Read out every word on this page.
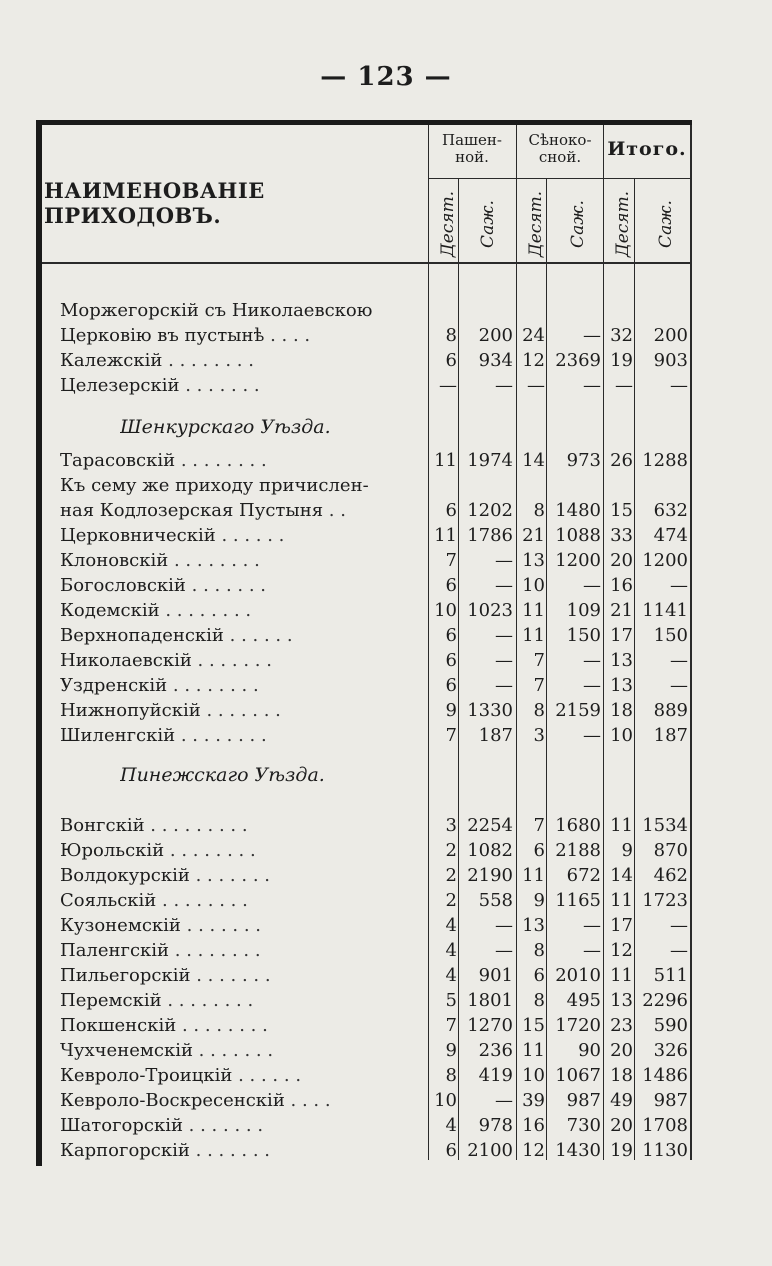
— 123 —
НАИМЕНОВАНІЕ ПРИХОДОВЪ.
Пашен-
ной.
Сѣноко-
сной.	Итого.
Десят. Саж. Десят. Саж. Десят. Саж.
Моржегорскій съ Николаевскою
Церковію въ пустынѣ . . . .	8 200 24 — 32 200
Калежскій . . . . . . . .	6 934 12 2369 19 903
Целезерскій . . . . . . .	— — — — — —
Шенкурскаго Уѣзда.
Тарасовскій . . . . . . . .	11 1974 14 973 26 1288
Къ сему же приходу причислен-
ная Кодлозерская Пустыня . .	6 1202 8 1480 15 632
Церковническій . . . . . .	11 1786 21 1088 33 474
Клоновскій . . . . . . . .	7 — 13 1200 20 1200
Богословскій . . . . . . .	6 — 10 — 16 —
Кодемскій . . . . . . . .	10 1023 11 109 21 1141
Верхнопаденскій . . . . . .	6 — 11 150 17 150
Николаевскій . . . . . . .	6 — 7 — 13 —
Уздренскій . . . . . . . .	6 — 7 — 13 —
Нижнопуйскій . . . . . . .	9 1330 8 2159 18 889
Шиленгскій . . . . . . . .	7 187 3 — 10 187
Пинежскаго Уѣзда.
Вонгскій . . . . . . . . .	3 2254 7 1680 11 1534
Юрольскій . . . . . . . .	2 1082 6 2188 9 870
Волдокурскій . . . . . . .	2 2190 11 672 14 462
Сояльскій . . . . . . . .	2 558 9 1165 11 1723
Кузонемскій . . . . . . .	4 — 13 — 17 —
Паленгскій . . . . . . . .	4 — 8 — 12 —
Пильегорскій . . . . . . .	4 901 6 2010 11 511
Перемскій . . . . . . . .	5 1801 8 495 13 2296
Покшенскій . . . . . . . .	7 1270 15 1720 23 590
Чухченемскій . . . . . . .	9 236 11 90 20 326
Кевроло-Троицкій . . . . . .	8 419 10 1067 18 1486
Кевроло-Воскресенскій . . . .	10 — 39 987 49 987
Шатогорскій . . . . . . .	4 978 16 730 20 1708
Карпогорскій . . . . . . .	6 2100 12 1430 19 1130
